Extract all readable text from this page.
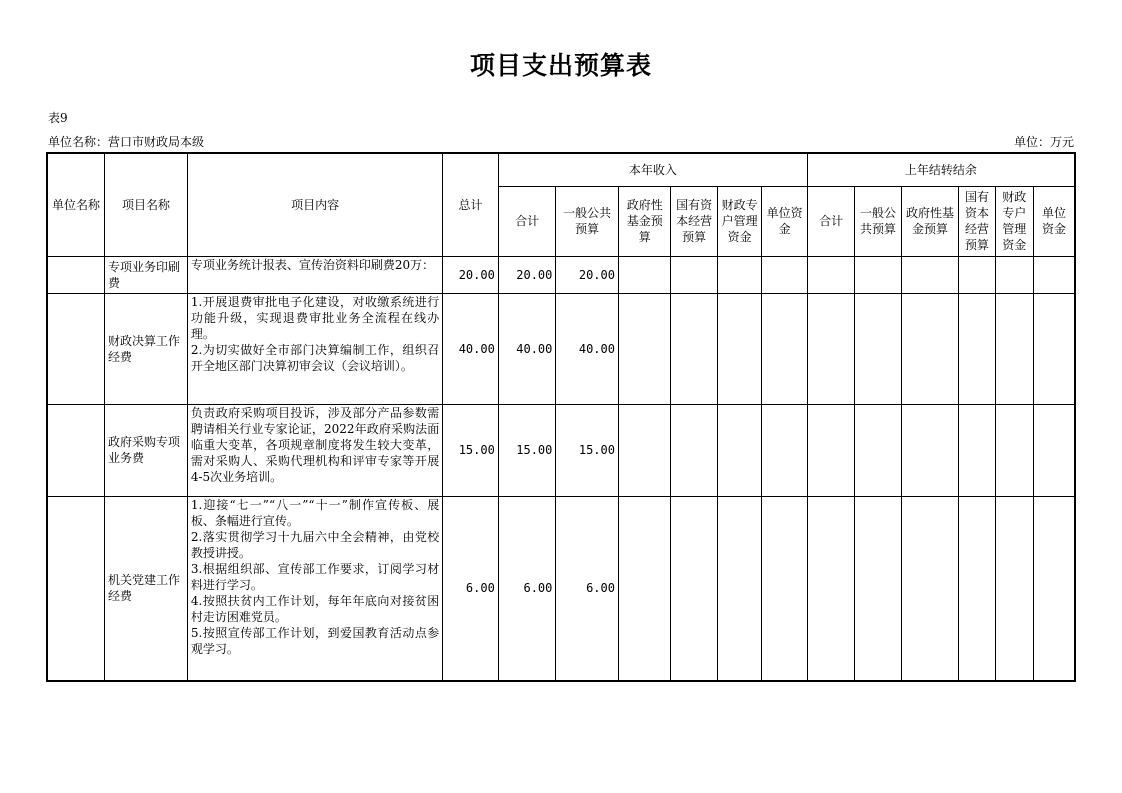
项目支出预算表
表9
单位名称：营口市财政局本级	单位：万元
单位名称	项目名称	项目内容	总计	本年收入						上年结转结余					
				合计	一般公共预算	政府性基金预算	国有资本经营预算	财政专户管理资金	单位资金	合计	一般公共预算	政府性基金预算	国有资本经营预算	财政专户管理资金	单位资金
	专项业务印刷费	专项业务统计报表、宣传治资料印刷费20万：	20.00	20.00	20.00										
	财政决算工作经费	1.开展退费审批电子化建设，对收缴系统进行功能升级，实现退费审批业务全流程在线办理。
2.为切实做好全市部门决算编制工作，组织召开全地区部门决算初审会议（会议培训）。	40.00	40.00	40.00										
	政府采购专项业务费	负责政府采购项目投诉，涉及部分产品参数需聘请相关行业专家论证，2022年政府采购法面临重大变革，各项规章制度将发生较大变革，需对采购人、采购代理机构和评审专家等开展4-5次业务培训。	15.00	15.00	15.00										
	机关党建工作经费	1.迎接“七一”“八一”“十一”制作宣传板、展板、条幅进行宣传。
2.落实贯彻学习十九届六中全会精神，由党校教授讲授。
3.根据组织部、宣传部工作要求，订阅学习材料进行学习。
4.按照扶贫内工作计划，每年年底向对接贫困村走访困难党员。
5.按照宣传部工作计划，到爱国教育活动点参观学习。	6.00	6.00	6.00										
